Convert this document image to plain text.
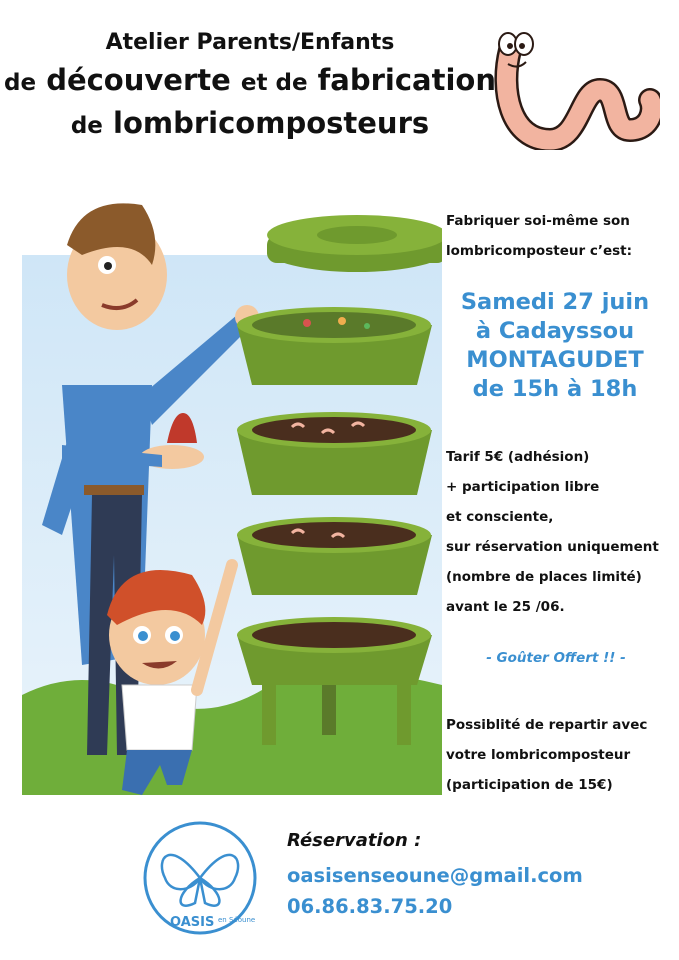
Atelier Parents/Enfants
de découverte et de fabrication
de lombricomposteurs
Fabriquer soi-même son
lombricomposteur c’est:
Samedi 27 juin
à Cadayssou
MONTAGUDET
de 15h à 18h
Tarif 5€ (adhésion)
+ participation libre
et consciente,
sur réservation uniquement
(nombre de places limité)
avant le 25 /06.
- Goûter Offert !! -
Possiblité de repartir avec
votre lombricomposteur
(participation de 15€)
OASIS en Séoune
Réservation :
oasisenseoune@gmail.com
06.86.83.75.20
